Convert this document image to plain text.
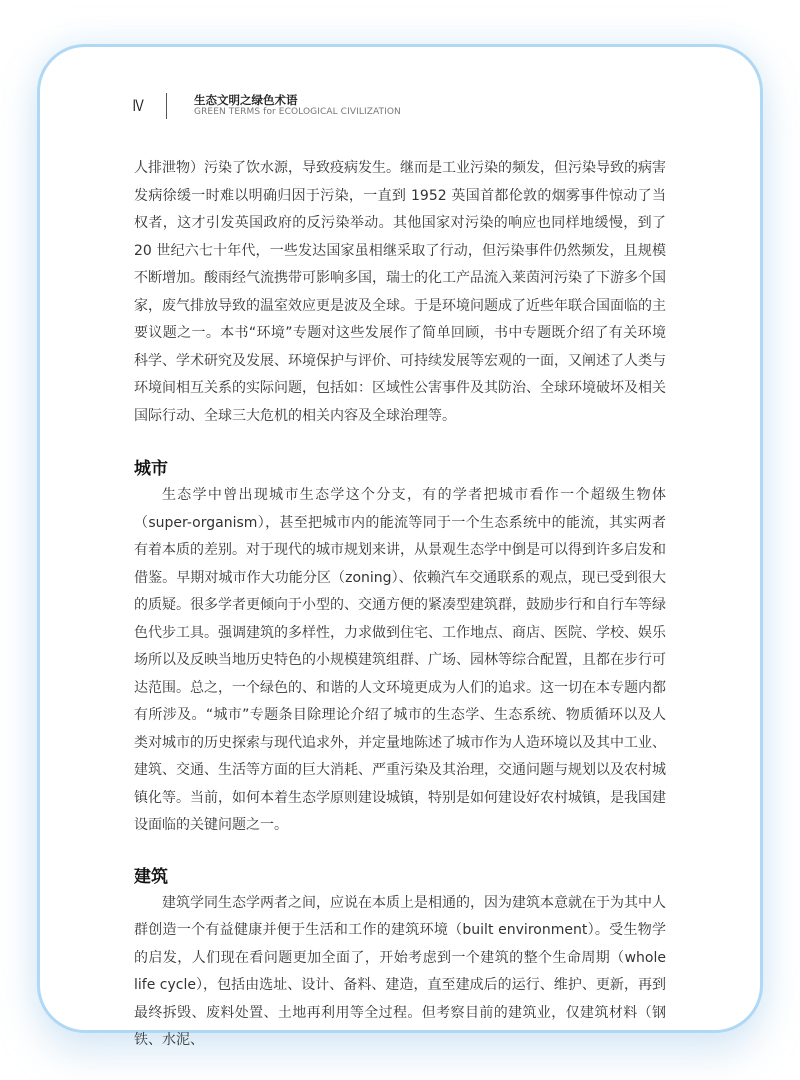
IV	生态文明之绿色术语
GREEN TERMS for ECOLOGICAL CIVILIZATION

人排泄物）污染了饮水源，导致疫病发生。继而是工业污染的频发，但污染导致的病害发病徐缓一时难以明确归因于污染，一直到 1952 英国首都伦敦的烟雾事件惊动了当权者，这才引发英国政府的反污染举动。其他国家对污染的响应也同样地缓慢，到了 20 世纪六七十年代，一些发达国家虽相继采取了行动，但污染事件仍然频发，且规模不断增加。酸雨经气流携带可影响多国，瑞士的化工产品流入莱茵河污染了下游多个国家，废气排放导致的温室效应更是波及全球。于是环境问题成了近些年联合国面临的主要议题之一。本书“环境”专题对这些发展作了简单回顾，书中专题既介绍了有关环境科学、学术研究及发展、环境保护与评价、可持续发展等宏观的一面，又阐述了人类与环境间相互关系的实际问题，包括如：区域性公害事件及其防治、全球环境破坏及相关国际行动、全球三大危机的相关内容及全球治理等。

城市

生态学中曾出现城市生态学这个分支，有的学者把城市看作一个超级生物体（super-organism），甚至把城市内的能流等同于一个生态系统中的能流，其实两者有着本质的差别。对于现代的城市规划来讲，从景观生态学中倒是可以得到许多启发和借鉴。早期对城市作大功能分区（zoning）、依赖汽车交通联系的观点，现已受到很大的质疑。很多学者更倾向于小型的、交通方便的紧凑型建筑群，鼓励步行和自行车等绿色代步工具。强调建筑的多样性，力求做到住宅、工作地点、商店、医院、学校、娱乐场所以及反映当地历史特色的小规模建筑组群、广场、园林等综合配置，且都在步行可达范围。总之，一个绿色的、和谐的人文环境更成为人们的追求。这一切在本专题内都有所涉及。“城市”专题条目除理论介绍了城市的生态学、生态系统、物质循环以及人类对城市的历史探索与现代追求外，并定量地陈述了城市作为人造环境以及其中工业、建筑、交通、生活等方面的巨大消耗、严重污染及其治理，交通问题与规划以及农村城镇化等。当前，如何本着生态学原则建设城镇，特别是如何建设好农村城镇，是我国建设面临的关键问题之一。

建筑

建筑学同生态学两者之间，应说在本质上是相通的，因为建筑本意就在于为其中人群创造一个有益健康并便于生活和工作的建筑环境（built environment）。受生物学的启发，人们现在看问题更加全面了，开始考虑到一个建筑的整个生命周期（whole life cycle），包括由选址、设计、备料、建造，直至建成后的运行、维护、更新，再到最终拆毁、废料处置、土地再利用等全过程。但考察目前的建筑业，仅建筑材料（钢铁、水泥、
